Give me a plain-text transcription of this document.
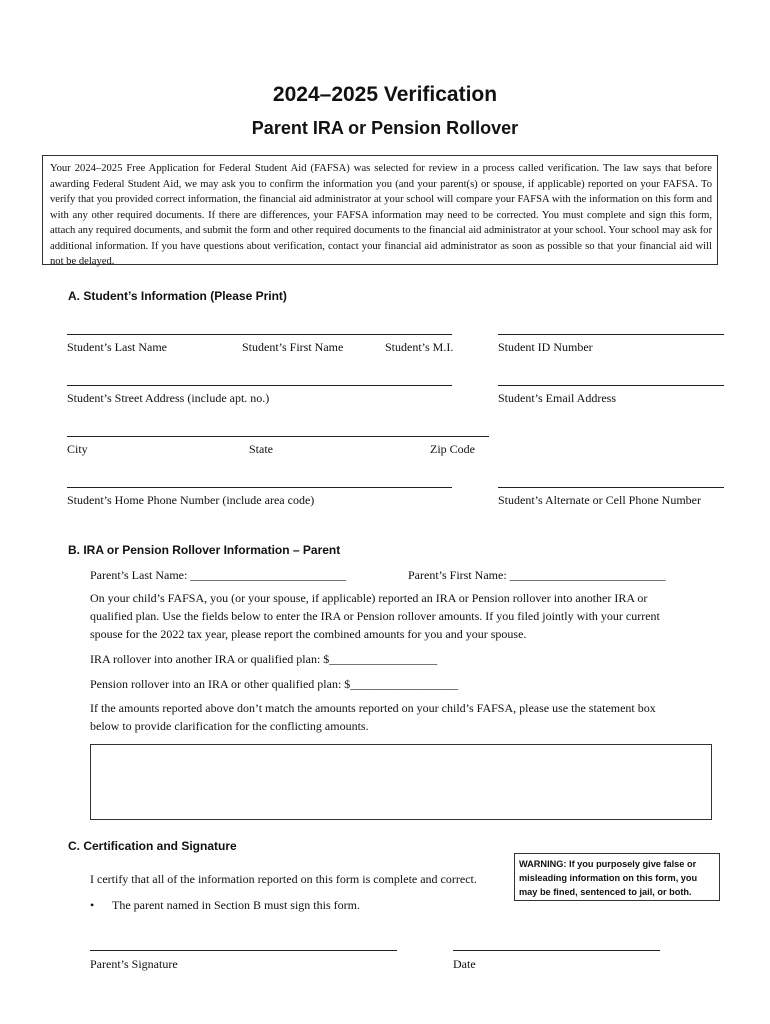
2024–2025 Verification
Parent IRA or Pension Rollover
Your 2024–2025 Free Application for Federal Student Aid (FAFSA) was selected for review in a process called verification. The law says that before awarding Federal Student Aid, we may ask you to confirm the information you (and your parent(s) or spouse, if applicable) reported on your FAFSA. To verify that you provided correct information, the financial aid administrator at your school will compare your FAFSA with the information on this form and with any other required documents. If there are differences, your FAFSA information may need to be corrected. You must complete and sign this form, attach any required documents, and submit the form and other required documents to the financial aid administrator at your school. Your school may ask for additional information. If you have questions about verification, contact your financial aid administrator as soon as possible so that your financial aid will not be delayed.
A. Student’s Information (Please Print)
Student’s Last Name	Student’s First Name	Student’s M.I.	Student ID Number
Student’s Street Address (include apt. no.)	Student’s Email Address
City	State	Zip Code
Student’s Home Phone Number (include area code)	Student’s Alternate or Cell Phone Number
B. IRA or Pension Rollover Information – Parent
Parent’s Last Name: __________________________	Parent’s First Name: __________________________
On your child’s FAFSA, you (or your spouse, if applicable) reported an IRA or Pension rollover into another IRA or
qualified plan. Use the fields below to enter the IRA or Pension rollover amounts. If you filed jointly with your current
spouse for the 2022 tax year, please report the combined amounts for you and your spouse.
IRA rollover into another IRA or qualified plan: $__________________
Pension rollover into an IRA or other qualified plan: $__________________
If the amounts reported above don’t match the amounts reported on your child’s FAFSA, please use the statement box
below to provide clarification for the conflicting amounts.
C. Certification and Signature
I certify that all of the information reported on this form is complete and correct.
WARNING: If you purposely give false or misleading information on this form, you may be fined, sentenced to jail, or both.
• The parent named in Section B must sign this form.
Parent’s Signature	Date
